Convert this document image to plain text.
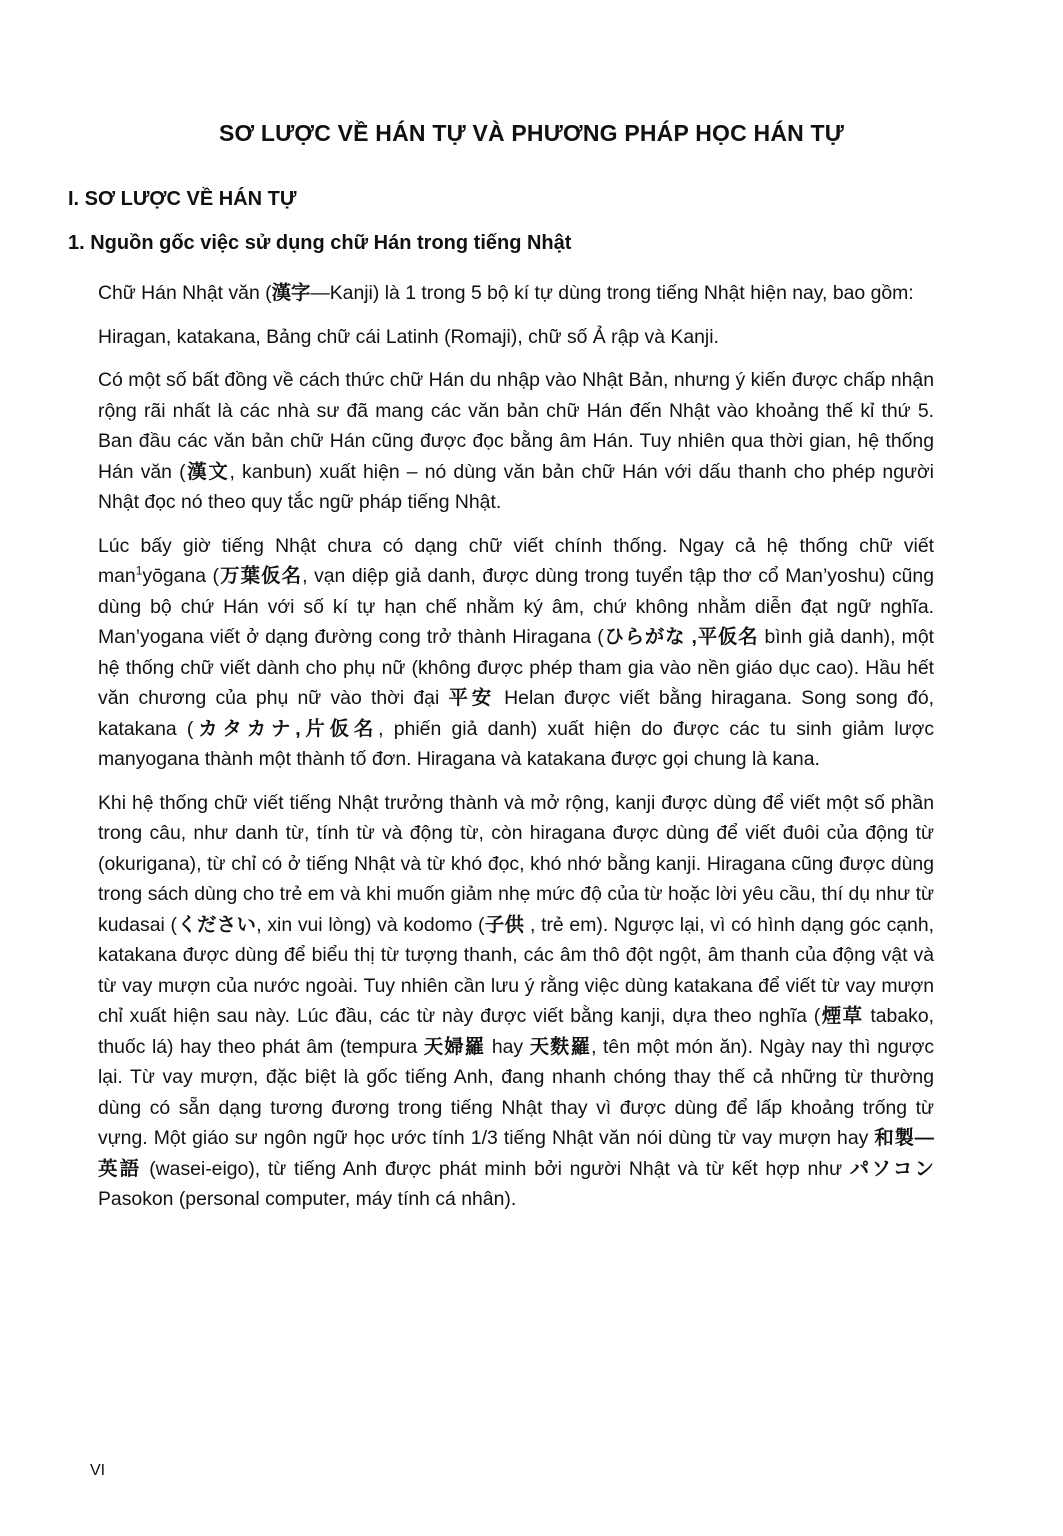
SƠ LƯỢC VỀ HÁN TỰ VÀ PHƯƠNG PHÁP HỌC HÁN TỰ
I. SƠ LƯỢC VỀ HÁN TỰ
1. Nguồn gốc việc sử dụng chữ Hán trong tiếng Nhật

Chữ Hán Nhật văn (漢字—Kanji) là 1 trong 5 bộ kí tự dùng trong tiếng Nhật hiện nay, bao gồm:

Hiragan, katakana, Bảng chữ cái Latinh (Romaji), chữ số Ả rập và Kanji.

Có một số bất đồng về cách thức chữ Hán du nhập vào Nhật Bản, nhưng ý kiến được chấp nhận rộng rãi nhất là các nhà sư đã mang các văn bản chữ Hán đến Nhật vào khoảng thế kỉ thứ 5. Ban đầu các văn bản chữ Hán cũng được đọc bằng âm Hán. Tuy nhiên qua thời gian, hệ thống Hán văn (漢文, kanbun) xuất hiện – nó dùng văn bản chữ Hán với dấu thanh cho phép người Nhật đọc nó theo quy tắc ngữ pháp tiếng Nhật.

Lúc bấy giờ tiếng Nhật chưa có dạng chữ viết chính thống. Ngay cả hệ thống chữ viết man$^1$yōgana (万葉仮名, vạn diệp giả danh, được dùng trong tuyển tập thơ cổ Man’yoshu) cũng dùng bộ chứ Hán với số kí tự hạn chế nhằm ký âm, chứ không nhằm diễn đạt ngữ nghĩa. Man’yogana viết ở dạng đường cong trở thành Hiragana (ひらがな ,平仮名 bình giả danh), một hệ thống chữ viết dành cho phụ nữ (không được phép tham gia vào nền giáo dục cao). Hầu hết văn chương của phụ nữ vào thời đại 平安 Helan được viết bằng hiragana. Song song đó, katakana (カタカナ,片仮名, phiến giả danh) xuất hiện do được các tu sinh giảm lược manyogana thành một thành tố đơn. Hiragana và katakana được gọi chung là kana.

Khi hệ thống chữ viết tiếng Nhật trưởng thành và mở rộng, kanji được dùng để viết một số phần trong câu, như danh từ, tính từ và động từ, còn hiragana được dùng để viết đuôi của động từ (okurigana), từ chỉ có ở tiếng Nhật và từ khó đọc, khó nhớ bằng kanji. Hiragana cũng được dùng trong sách dùng cho trẻ em và khi muốn giảm nhẹ mức độ của từ hoặc lời yêu cầu, thí dụ như từ kudasai (ください, xin vui lòng) và kodomo (子供 , trẻ em). Ngược lại, vì có hình dạng góc cạnh, katakana được dùng để biểu thị từ tượng thanh, các âm thô đột ngột, âm thanh của động vật và từ vay mượn của nước ngoài. Tuy nhiên cần lưu ý rằng việc dùng katakana để viết từ vay mượn chỉ xuất hiện sau này. Lúc đầu, các từ này được viết bằng kanji, dựa theo nghĩa (煙草 tabako, thuốc lá) hay theo phát âm (tempura 天婦羅 hay 天麩羅, tên một món ăn). Ngày nay thì ngược lại. Từ vay mượn, đặc biệt là gốc tiếng Anh, đang nhanh chóng thay thế cả những từ thường dùng có sẵn dạng tương đương trong tiếng Nhật thay vì được dùng để lấp khoảng trống từ vựng. Một giáo sư ngôn ngữ học ước tính 1/3 tiếng Nhật văn nói dùng từ vay mượn hay 和製—英語 (wasei-eigo), từ tiếng Anh được phát minh bởi người Nhật và từ kết hợp như パソコン Pasokon (personal computer, máy tính cá nhân).

VI
